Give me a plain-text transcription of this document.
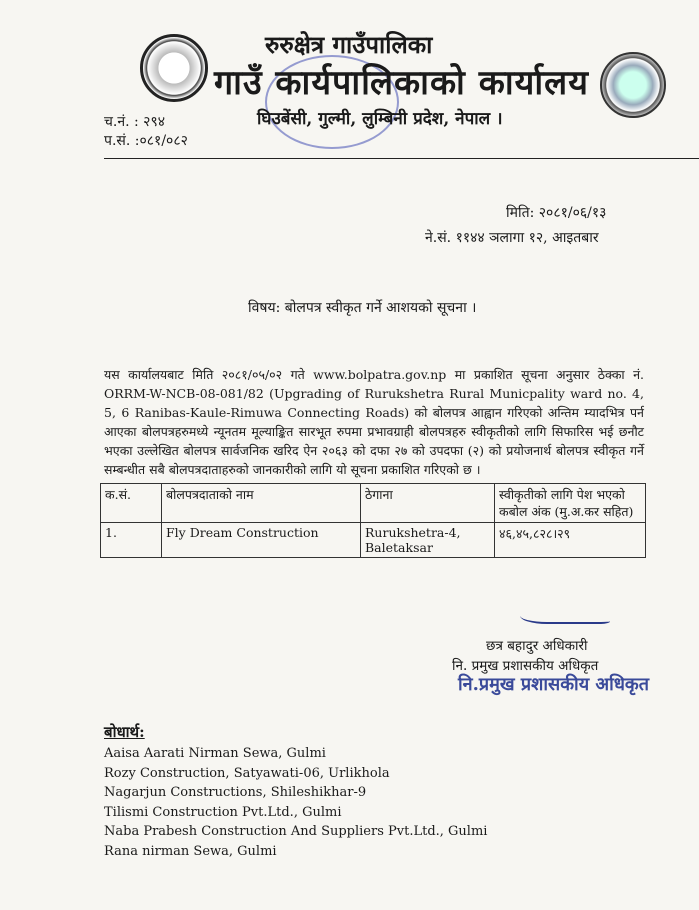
रुरुक्षेत्र गाउँपालिका
गाउँ कार्यपालिकाको कार्यालय
घिउबेंसी, गुल्मी, लुम्बिनी प्रदेश, नेपाल ।
च.नं. : २९४
प.सं. :०८१/०८२
मिति: २०८१/०६/१३
ने.सं. ११४४ ञलागा १२, आइतबार
विषय: बोलपत्र स्वीकृत गर्ने आशयको सूचना ।
यस कार्यालयबाट मिति २०८१/०५/०२ गते www.bolpatra.gov.np मा प्रकाशित सूचना अनुसार ठेक्का नं. ORRM-W-NCB-08-081/82 (Upgrading of Rurukshetra Rural Municpality ward no. 4, 5, 6 Ranibas-Kaule-Rimuwa Connecting Roads) को बोलपत्र आह्वान गरिएको अन्तिम म्यादभित्र पर्न आएका बोलपत्रहरुमध्ये न्यूनतम मूल्याङ्कित सारभूत रुपमा प्रभावग्राही बोलपत्रहरु स्वीकृतीको लागि सिफारिस भई छनौट भएका उल्लेखित बोलपत्र सार्वजनिक खरिद ऐन २०६३ को दफा २७ को उपदफा (२) को प्रयोजनार्थ बोलपत्र स्वीकृत गर्ने सम्बन्धीत सबै बोलपत्रदाताहरुको जानकारीको लागि यो सूचना प्रकाशित गरिएको छ ।
क.सं.	बोलपत्रदाताको नाम	ठेगाना	स्वीकृतीको लागि पेश भएको कबोल अंक (मु.अ.कर सहित)
1.	Fly Dream Construction	Rurukshetra-4, Baletaksar	४६,४५,८२८।२९
छत्र बहादुर अधिकारी
नि. प्रमुख प्रशासकीय अधिकृत
नि.प्रमुख प्रशासकीय अधिकृत
बोधार्थ:
Aaisa Aarati Nirman Sewa, Gulmi
Rozy Construction, Satyawati-06, Urlikhola
Nagarjun Constructions, Shileshikhar-9
Tilismi Construction Pvt.Ltd., Gulmi
Naba Prabesh Construction And Suppliers Pvt.Ltd., Gulmi
Rana nirman Sewa, Gulmi
